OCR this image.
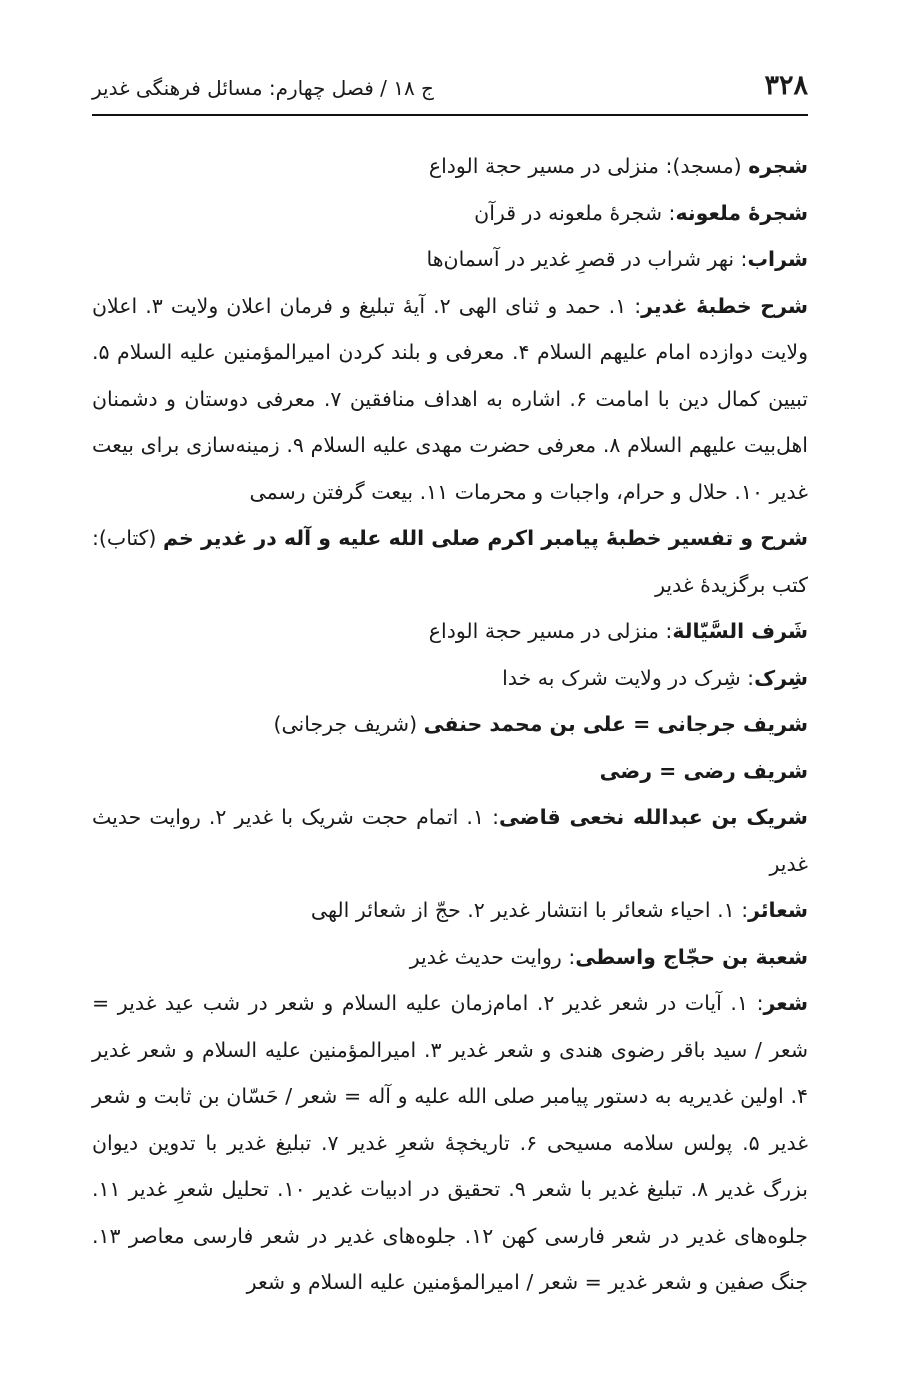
۳۲۸
ج ۱۸ / فصل چهارم: مسائل فرهنگی غدیر

شجره (مسجد): منزلی در مسیر حجة الوداع

شجرۀ ملعونه: شجرۀ ملعونه در قرآن

شراب: نهر شراب در قصرِ غدیر در آسمان‌ها

شرح خطبۀ غدیر: ۱. حمد و ثنای الهی ۲. آیۀ تبلیغ و فرمان اعلان ولایت ۳. اعلان ولایت دوازده امام علیهم السلام ۴. معرفی و بلند کردن امیرالمؤمنین علیه السلام ۵. تبیین کمال دین با امامت ۶. اشاره به اهداف منافقین ۷. معرفی دوستان و دشمنان اهل‌بیت علیهم السلام ۸. معرفی حضرت مهدی علیه السلام ۹. زمینه‌سازی برای بیعت غدیر ۱۰. حلال و حرام، واجبات و محرمات ۱۱. بیعت گرفتن رسمی

شرح و تفسیر خطبۀ پیامبر اکرم صلی الله علیه و آله در غدیر خم (کتاب): کتب برگزیدۀ غدیر

شَرف السَّیّالة: منزلی در مسیر حجة الوداع

شِرک: شِرک در ولایت شرک به خدا

شریف جرجانی = علی بن محمد حنفی (شریف جرجانی)

شریف رضی = رضی

شریک بن عبدالله نخعی قاضی: ۱. اتمام حجت شریک با غدیر ۲. روایت حدیث غدیر

شعائر: ۱. احیاء شعائر با انتشار غدیر ۲. حجّ از شعائر الهی

شعبة بن حجّاج واسطی: روایت حدیث غدیر

شعر: ۱. آیات در شعر غدیر ۲. امام‌زمان علیه السلام و شعر در شب عید غدیر = شعر / سید باقر رضوی هندی و شعر غدیر ۳. امیرالمؤمنین علیه السلام و شعر غدیر ۴. اولین غدیریه به دستور پیامبر صلی الله علیه و آله = شعر / حَسّان بن ثابت و شعر غدیر ۵. پولس سلامه مسیحی ۶. تاریخچۀ شعرِ غدیر ۷. تبلیغ غدیر با تدوین دیوان بزرگ غدیر ۸. تبلیغ غدیر با شعر ۹. تحقیق در ادبیات غدیر ۱۰. تحلیل شعرِ غدیر ۱۱. جلوه‌های غدیر در شعر فارسی کهن ۱۲. جلوه‌های غدیر در شعر فارسی معاصر ۱۳. جنگ صفین و شعر غدیر = شعر / امیرالمؤمنین علیه السلام و شعر
